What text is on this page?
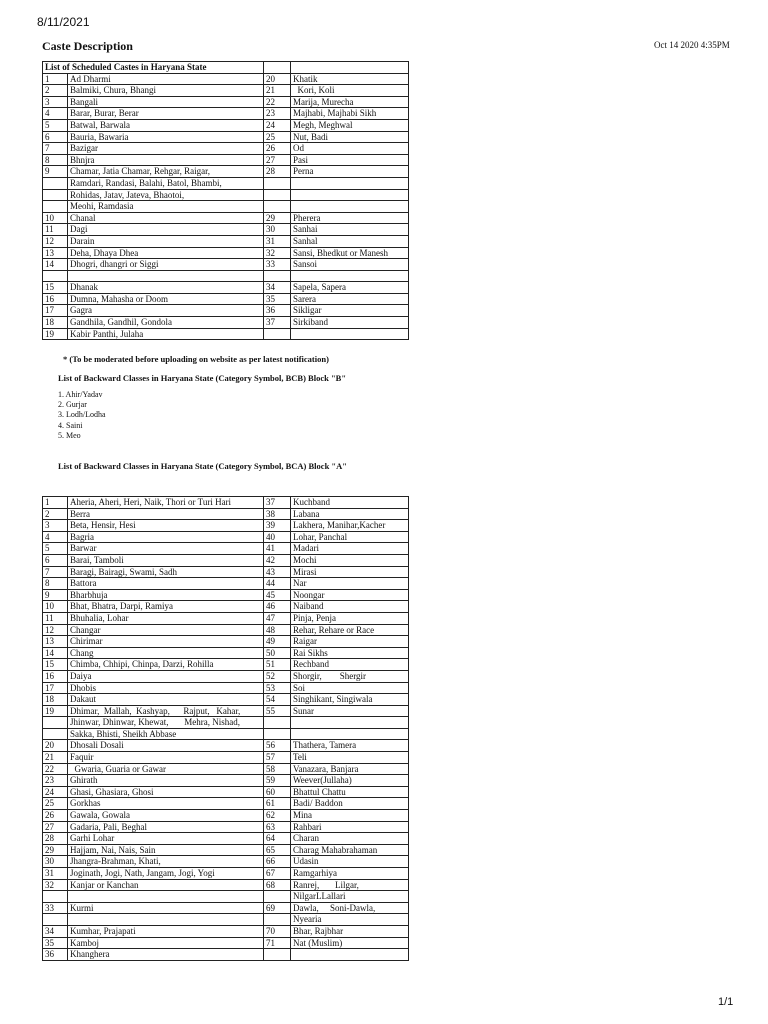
8/11/2021
Caste Description	Oct 14 2020 4:35PM
List of Scheduled Castes in Haryana State			
1	Ad Dharmi	20	Khatik
2	Balmiki, Chura, Bhangi	21	Kori, Koli
3	Bangali	22	Marija, Murecha
4	Barar, Burar, Berar	23	Majhabi, Majhabi Sikh
5	Batwal, Barwala	24	Megh, Meghwal
6	Bauria, Bawaria	25	Nut, Badi
7	Bazigar	26	Od
8	Bhnjra	27	Pasi
9	Chamar, Jatia Chamar, Rehgar, Raigar,	28	Perna
	Ramdari, Randasi, Balahi, Batol, Bhambi,		
	Rohidas, Jatav, Jateva, Bhaotoi,		
	Meohi, Ramdasia		
10	Chanal	29	Pherera
11	Dagi	30	Sanhai
12	Darain	31	Sanhal
13	Deha, Dhaya Dhea	32	Sansi, Bhedkut or Manesh
14	Dhogri, dhangri or Siggi	33	Sansoi

15	Dhanak	34	Sapela, Sapera
16	Dumna, Mahasha or Doom	35	Sarera
17	Gagra	36	Sikligar
18	Gandhila, Gandhil, Gondola	37	Sirkiband
19	Kabir Panthi, Julaha		
* (To be moderated before uploading on website as per latest notification)
List of Backward Classes in Haryana State (Category Symbol, BCB) Block "B"
1. Ahir/Yadav
2. Gurjar
3. Lodh/Lodha
4. Saini
5. Meo
List of Backward Classes in Haryana State (Category Symbol, BCA) Block "A"
1	Aheria, Aheri, Heri, Naik, Thori or Turi Hari	37	Kuchband
2	Berra	38	Labana
3	Beta, Hensir, Hesi	39	Lakhera, Manihar,Kacher
4	Bagria	40	Lohar, Panchal
5	Barwar	41	Madari
6	Barai, Tamboli	42	Mochi
7	Baragi, Bairagi, Swami, Sadh	43	Mirasi
8	Battora	44	Nar
9	Bharbhuja	45	Noongar
10	Bhat, Bhatra, Darpi, Ramiya	46	Naiband
11	Bhuhalia, Lohar	47	Pinja, Penja
12	Changar	48	Rehar, Rehare or Race
13	Chirimar	49	Raigar
14	Chang	50	Rai Sikhs
15	Chimba, Chhipi, Chinpa, Darzi, Rohilla	51	Rechband
16	Daiya	52	Shorgir,        Shergir
17	Dhobis	53	Soi
18	Dakaut	54	Singhikant, Singiwala
19	Dhimar,  Mallah,  Kashyap,      Rajput,   Kahar,	55	Sunar
	Jhinwar, Dhinwar, Khewat,       Mehra, Nishad,		
	Sakka, Bhisti, Sheikh Abbase		
20	Dhosali Dosali	56	Thathera, Tamera
21	Faquir	57	Teli
22	Gwaria, Guaria or Gawar	58	Vanazara, Banjara
23	Ghirath	59	Weever(Jullaha)
24	Ghasi, Ghasiara, Ghosi	60	Bhattul Chattu
25	Gorkhas	61	Badi/ Baddon
26	Gawala, Gowala	62	Mina
27	Gadaria, Pali, Beghal	63	Rahbari
28	Garhi Lohar	64	Charan
29	Hajjam, Nai, Nais, Sain	65	Charag Mahabrahaman
30	Jhangra-Brahman, Khati,	66	Udasin
31	Joginath, Jogi, Nath, Jangam, Jogi, Yogi	67	Ramgarhiya
32	Kanjar or Kanchan	68	Ranrej,       Lilgar,
			NilgarLLallari
33	Kurmi	69	Dawla,     Soni-Dawla,
			Nyearia
34	Kumhar, Prajapati	70	Bhar, Rajbhar
35	Kamboj	71	Nat (Muslim)
36	Khanghera		
1/1
